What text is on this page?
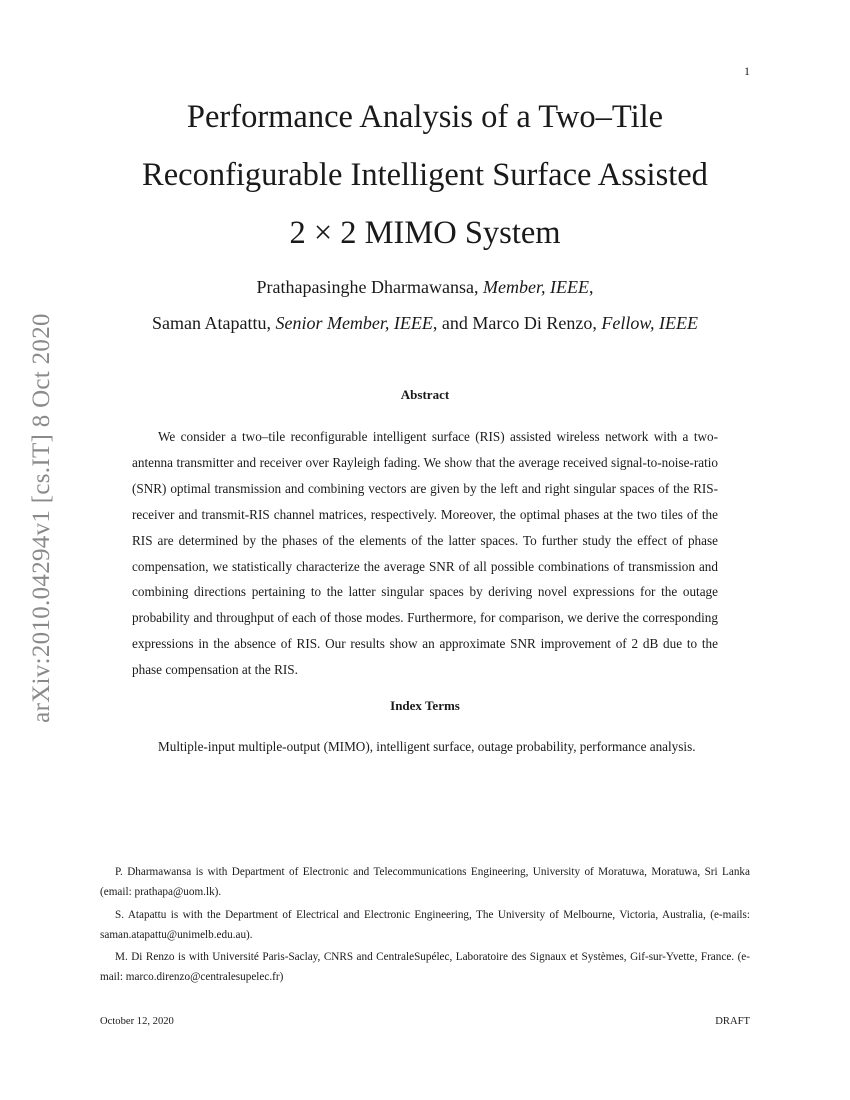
1
arXiv:2010.04294v1 [cs.IT] 8 Oct 2020
Performance Analysis of a Two–Tile
Reconfigurable Intelligent Surface Assisted
2 × 2 MIMO System
Prathapasinghe Dharmawansa, Member, IEEE,
Saman Atapattu, Senior Member, IEEE, and Marco Di Renzo, Fellow, IEEE
Abstract

We consider a two–tile reconfigurable intelligent surface (RIS) assisted wireless network with a two-antenna transmitter and receiver over Rayleigh fading. We show that the average received signal-to-noise-ratio (SNR) optimal transmission and combining vectors are given by the left and right singular spaces of the RIS-receiver and transmit-RIS channel matrices, respectively. Moreover, the optimal phases at the two tiles of the RIS are determined by the phases of the elements of the latter spaces. To further study the effect of phase compensation, we statistically characterize the average SNR of all possible combinations of transmission and combining directions pertaining to the latter singular spaces by deriving novel expressions for the outage probability and throughput of each of those modes. Furthermore, for comparison, we derive the corresponding expressions in the absence of RIS. Our results show an approximate SNR improvement of 2 dB due to the phase compensation at the RIS.

Index Terms

Multiple-input multiple-output (MIMO), intelligent surface, outage probability, performance analysis.

P. Dharmawansa is with Department of Electronic and Telecommunications Engineering, University of Moratuwa, Moratuwa, Sri Lanka (email: prathapa@uom.lk).

S. Atapattu is with the Department of Electrical and Electronic Engineering, The University of Melbourne, Victoria, Australia, (e-mails: saman.atapattu@unimelb.edu.au).

M. Di Renzo is with Université Paris-Saclay, CNRS and CentraleSupélec, Laboratoire des Signaux et Systèmes, Gif-sur-Yvette, France. (e-mail: marco.direnzo@centralesupelec.fr)

October 12, 2020	DRAFT
